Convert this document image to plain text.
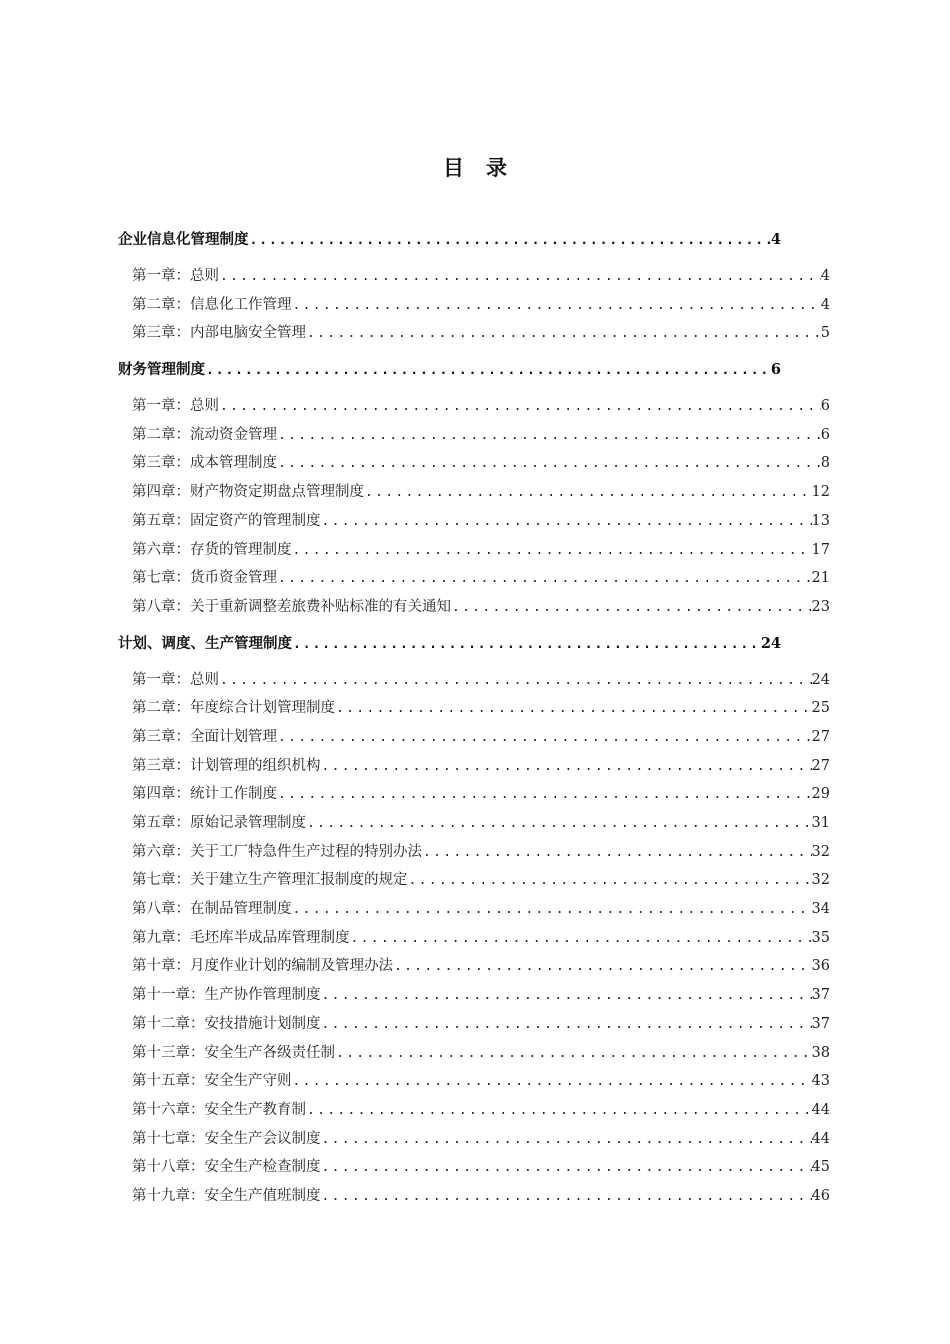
目 录
企业信息化管理制度 .....	4
第一章：总则 .....	4
第二章：信息化工作管理 .....	4
第三章：内部电脑安全管理 .....	5
财务管理制度 .....	6
第一章：总则 .....	6
第二章：流动资金管理 .....	6
第三章：成本管理制度 .....	8
第四章：财产物资定期盘点管理制度 .....	12
第五章：固定资产的管理制度 .....	13
第六章：存货的管理制度 .....	17
第七章：货币资金管理 .....	21
第八章：关于重新调整差旅费补贴标准的有关通知 .....	23
计划、调度、生产管理制度 .....	24
第一章：总则 .....	24
第二章：年度综合计划管理制度 .....	25
第三章：全面计划管理 .....	27
第三章：计划管理的组织机构 .....	27
第四章：统计工作制度 .....	29
第五章：原始记录管理制度 .....	31
第六章：关于工厂特急件生产过程的特别办法 .....	32
第七章：关于建立生产管理汇报制度的规定 .....	32
第八章：在制品管理制度 .....	34
第九章：毛坯库半成品库管理制度 .....	35
第十章：月度作业计划的编制及管理办法 .....	36
第十一章：生产协作管理制度 .....	37
第十二章：安技措施计划制度 .....	37
第十三章：安全生产各级责任制 .....	38
第十五章：安全生产守则 .....	43
第十六章：安全生产教育制 .....	44
第十七章：安全生产会议制度 .....	44
第十八章：安全生产检查制度 .....	45
第十九章：安全生产值班制度 .....	46
